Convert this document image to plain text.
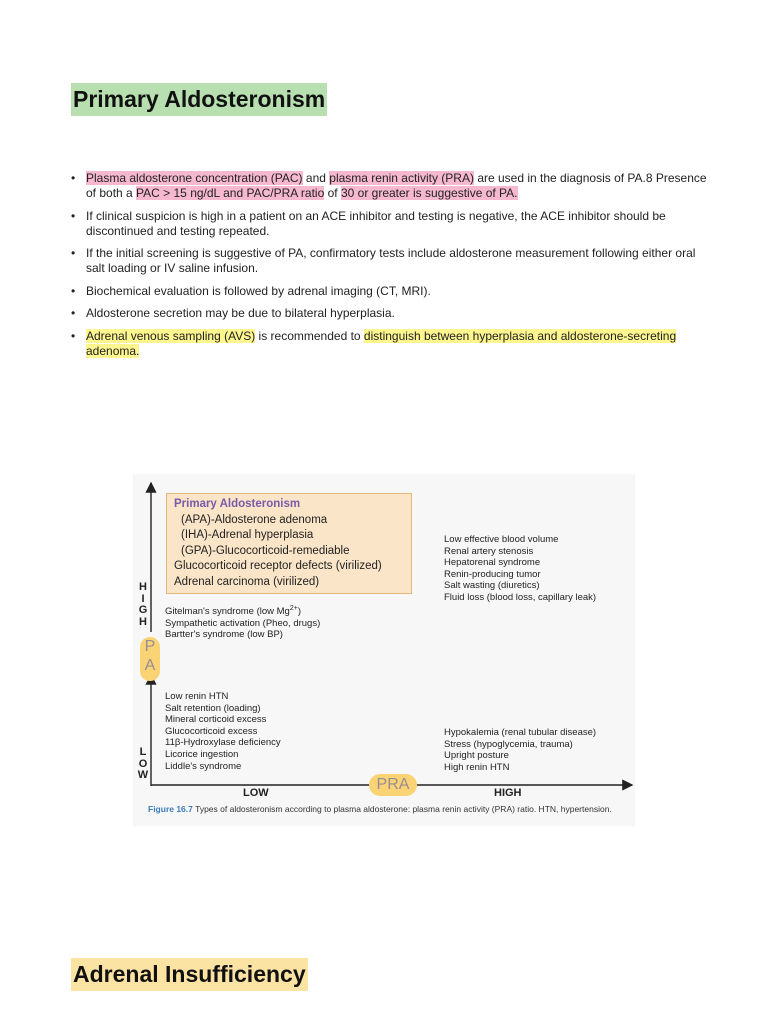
Primary Aldosteronism
• Plasma aldosterone concentration (PAC) and plasma renin activity (PRA) are used in the diagnosis of PA.8 Presence of both a PAC > 15 ng/dL and PAC/PRA ratio of 30 or greater is suggestive of PA.
• If clinical suspicion is high in a patient on an ACE inhibitor and testing is negative, the ACE inhibitor should be discontinued and testing repeated.
• If the initial screening is suggestive of PA, confirmatory tests include aldosterone measurement following either oral salt loading or IV saline infusion.
• Biochemical evaluation is followed by adrenal imaging (CT, MRI).
• Aldosterone secretion may be due to bilateral hyperplasia.
• Adrenal venous sampling (AVS) is recommended to distinguish between hyperplasia and aldosterone-secreting adenoma.
Primary Aldosteronism
(APA)-Aldosterone adenoma
(IHA)-Adrenal hyperplasia
(GPA)-Glucocorticoid-remediable
Glucocorticoid receptor defects (virilized)
Adrenal carcinoma (virilized)
Low effective blood volume
Renal artery stenosis
Hepatorenal syndrome
Renin-producing tumor
Salt wasting (diuretics)
Fluid loss (blood loss, capillary leak)
Gitelman's syndrome (low $Mg^{2+}$)
Sympathetic activation (Pheo, drugs)
Bartter's syndrome (low BP)
Low renin HTN
Salt retention (loading)
Mineral corticoid excess
Glucocorticoid excess
11β-Hydroxylase deficiency
Licorice ingestion
Liddle's syndrome
Hypokalemia (renal tubular disease)
Stress (hypoglycemia, trauma)
Upright posture
High renin HTN
H
I
G
H
P
A
L
O
W
PRA
LOW	HIGH
Figure 16.7 Types of aldosteronism according to plasma aldosterone: plasma renin activity (PRA) ratio. HTN, hypertension.
Adrenal Insufficiency
